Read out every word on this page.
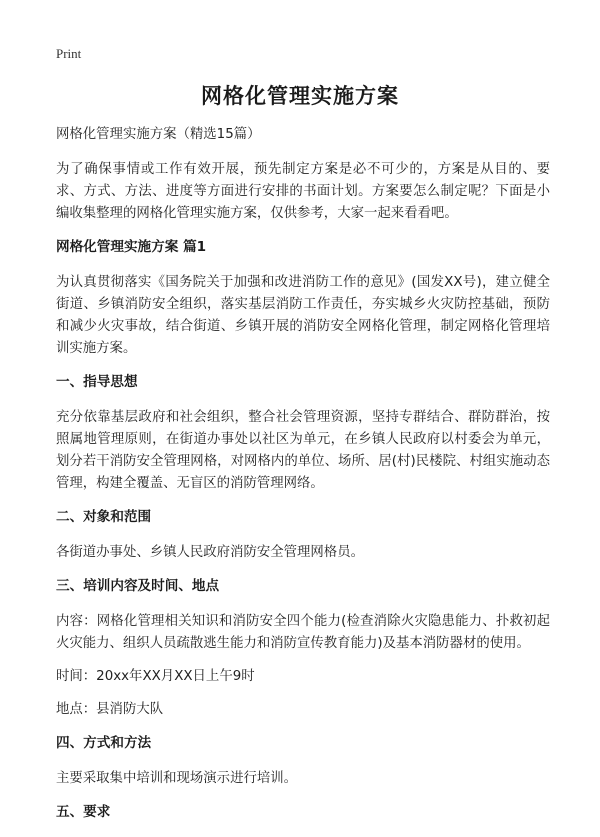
Print
网格化管理实施方案

网格化管理实施方案（精选15篇）

为了确保事情或工作有效开展，预先制定方案是必不可少的，方案是从目的、要求、方式、方法、进度等方面进行安排的书面计划。方案要怎么制定呢？下面是小编收集整理的网格化管理实施方案，仅供参考，大家一起来看看吧。

网格化管理实施方案 篇1

为认真贯彻落实《国务院关于加强和改进消防工作的意见》(国发XX号)，建立健全街道、乡镇消防安全组织，落实基层消防工作责任，夯实城乡火灾防控基础，预防和减少火灾事故，结合街道、乡镇开展的消防安全网格化管理，制定网格化管理培训实施方案。

一、指导思想

充分依靠基层政府和社会组织，整合社会管理资源，坚持专群结合、群防群治，按照属地管理原则，在街道办事处以社区为单元，在乡镇人民政府以村委会为单元，划分若干消防安全管理网格，对网格内的单位、场所、居(村)民楼院、村组实施动态管理，构建全覆盖、无盲区的消防管理网络。

二、对象和范围

各街道办事处、乡镇人民政府消防安全管理网格员。

三、培训内容及时间、地点

内容：网格化管理相关知识和消防安全四个能力(检查消除火灾隐患能力、扑救初起火灾能力、组织人员疏散逃生能力和消防宣传教育能力)及基本消防器材的使用。

时间：20xx年XX月XX日上午9时

地点：县消防大队

四、方式和方法

主要采取集中培训和现场演示进行培训。

五、要求
